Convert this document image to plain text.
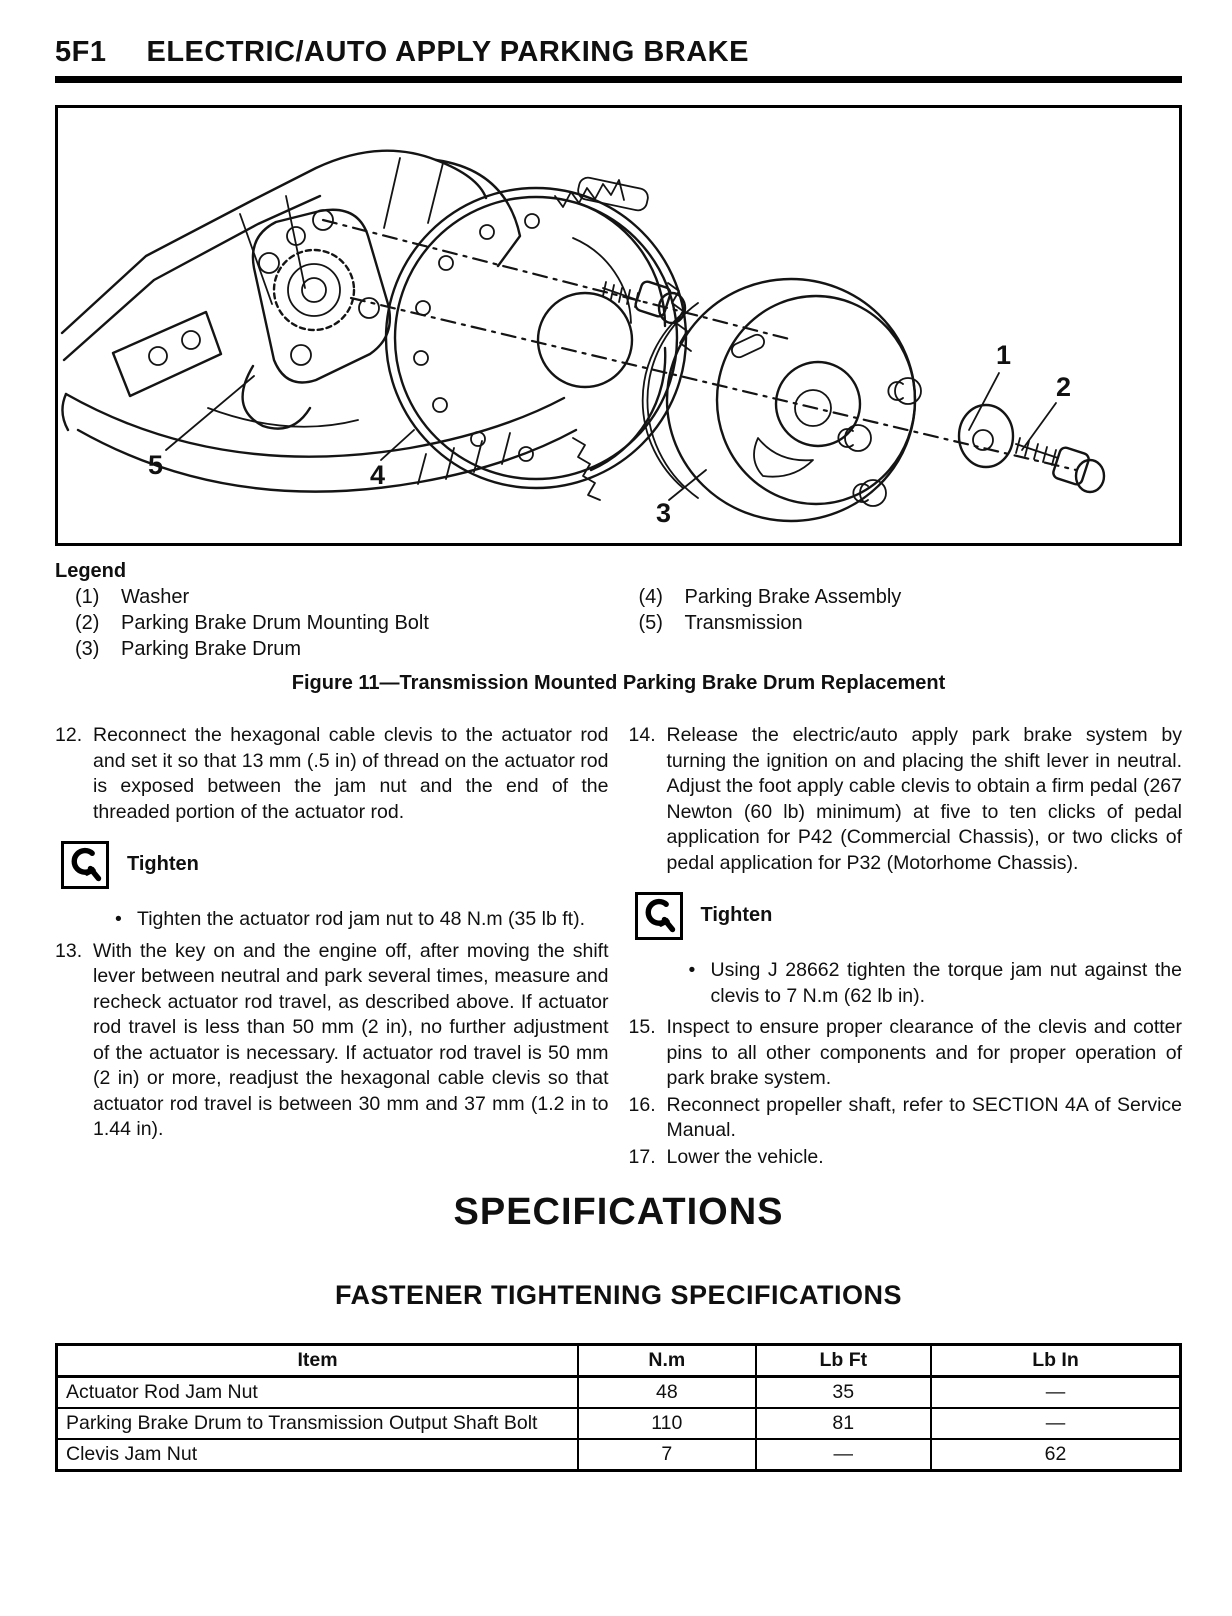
5F1 ELECTRIC/AUTO APPLY PARKING BRAKE
1
2
3
4
5
Legend
(1)	Washer
(2)	Parking Brake Drum Mounting Bolt
(3)	Parking Brake Drum
(4)	Parking Brake Assembly
(5)	Transmission
Figure 11—Transmission Mounted Parking Brake Drum Replacement
12. Reconnect the hexagonal cable clevis to the actuator rod and set it so that 13 mm (.5 in) of thread on the actuator rod is exposed between the jam nut and the end of the threaded portion of the actuator rod.
Tighten
• Tighten the actuator rod jam nut to 48 N.m (35 lb ft).
13. With the key on and the engine off, after moving the shift lever between neutral and park several times, measure and recheck actuator rod travel, as described above. If actuator rod travel is less than 50 mm (2 in), no further adjustment of the actuator is necessary. If actuator rod travel is 50 mm (2 in) or more, readjust the hexagonal cable clevis so that actuator rod travel is between 30 mm and 37 mm (1.2 in to 1.44 in).
14. Release the electric/auto apply park brake system by turning the ignition on and placing the shift lever in neutral. Adjust the foot apply cable clevis to obtain a firm pedal (267 Newton (60 lb) minimum) at five to ten clicks of pedal application for P42 (Commercial Chassis), or two clicks of pedal application for P32 (Motorhome Chassis).
Tighten
• Using J 28662 tighten the torque jam nut against the clevis to 7 N.m (62 lb in).
15. Inspect to ensure proper clearance of the clevis and cotter pins to all other components and for proper operation of park brake system.
16. Reconnect propeller shaft, refer to SECTION 4A of Service Manual.
17. Lower the vehicle.
SPECIFICATIONS
FASTENER TIGHTENING SPECIFICATIONS
Item	N.m	Lb Ft	Lb In
Actuator Rod Jam Nut	48	35	—
Parking Brake Drum to Transmission Output Shaft Bolt	110	81	—
Clevis Jam Nut	7	—	62
